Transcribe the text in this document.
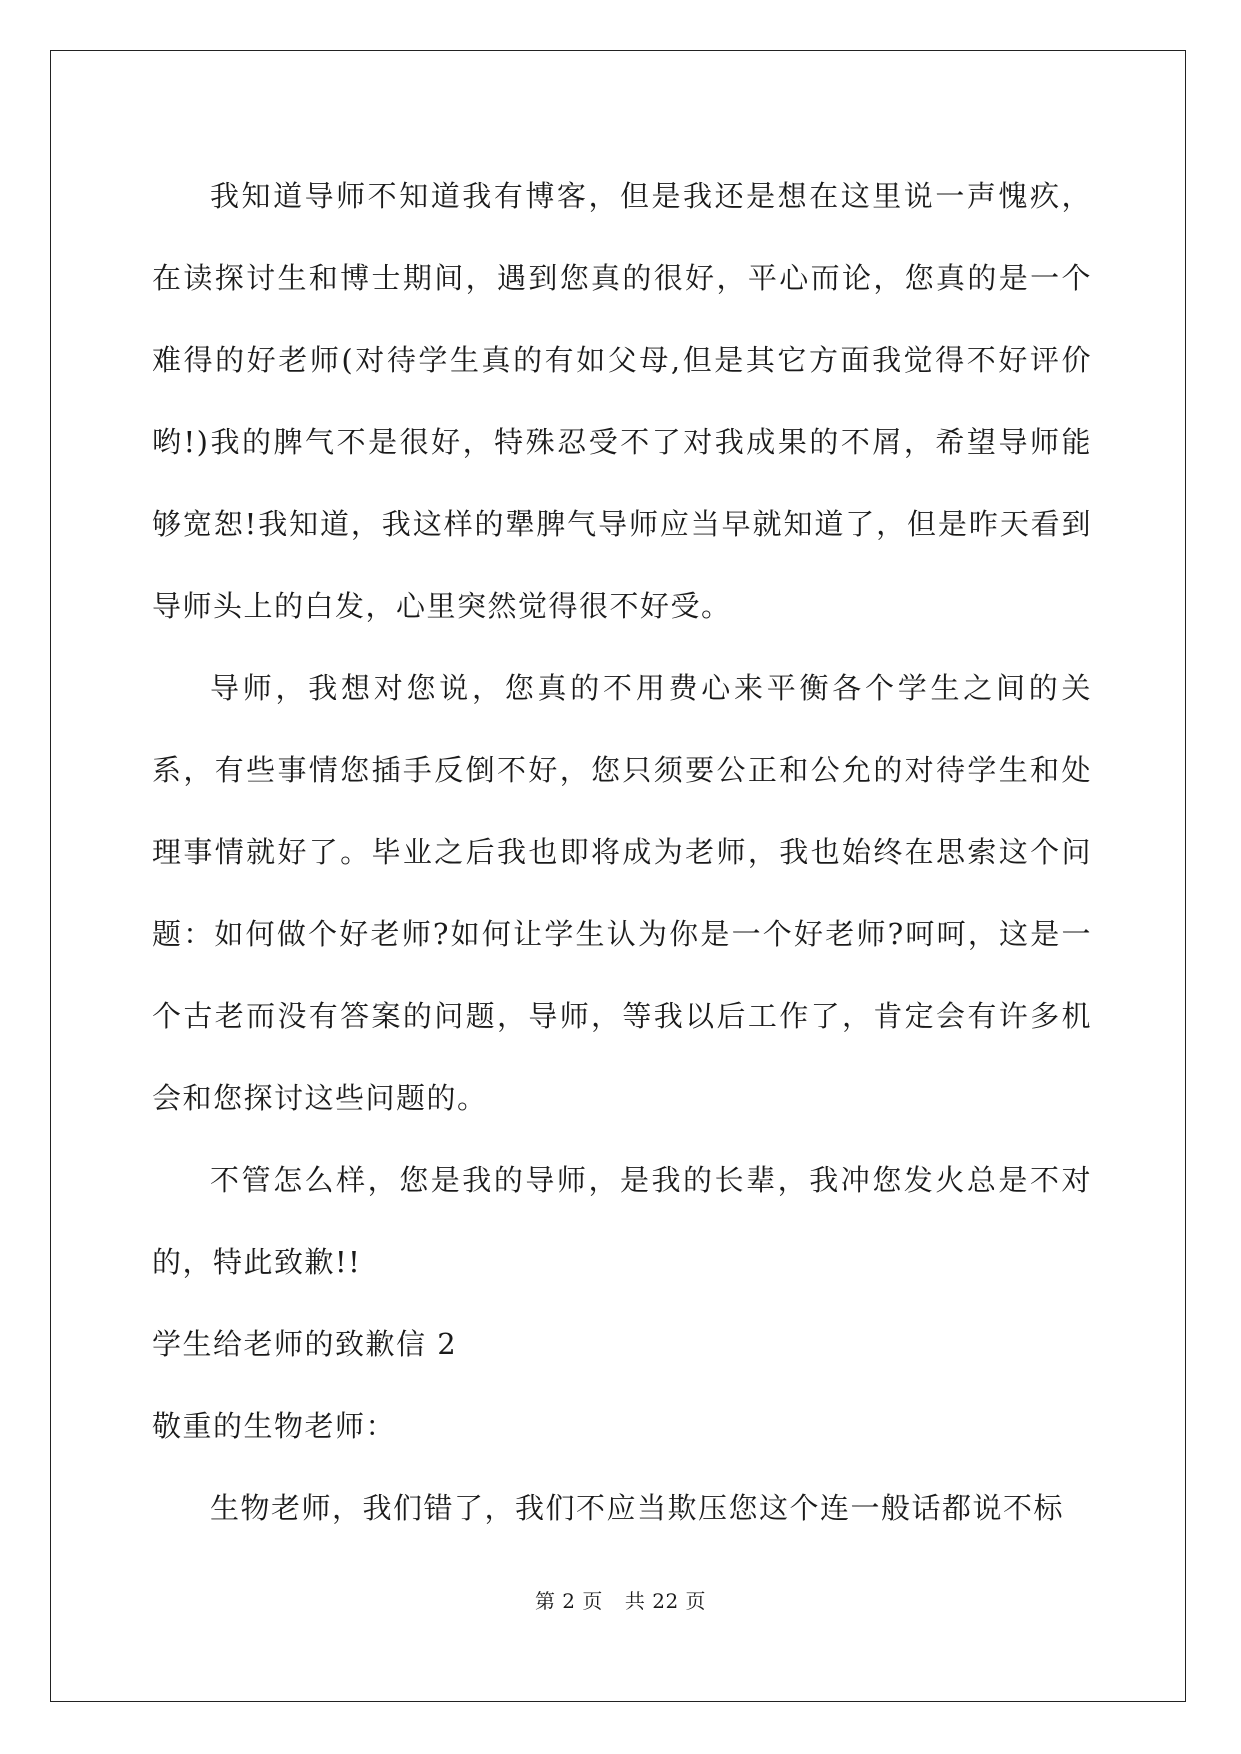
我知道导师不知道我有博客，但是我还是想在这里说一声愧疚，在读探讨生和博士期间，遇到您真的很好，平心而论，您真的是一个难得的好老师(对待学生真的有如父母,但是其它方面我觉得不好评价哟!)我的脾气不是很好，特殊忍受不了对我成果的不屑，希望导师能够宽恕!我知道，我这样的犟脾气导师应当早就知道了，但是昨天看到导师头上的白发，心里突然觉得很不好受。

导师，我想对您说，您真的不用费心来平衡各个学生之间的关系，有些事情您插手反倒不好，您只须要公正和公允的对待学生和处理事情就好了。毕业之后我也即将成为老师，我也始终在思索这个问题：如何做个好老师?如何让学生认为你是一个好老师?呵呵，这是一个古老而没有答案的问题，导师，等我以后工作了，肯定会有许多机会和您探讨这些问题的。

不管怎么样，您是我的导师，是我的长辈，我冲您发火总是不对的，特此致歉!!

学生给老师的致歉信 2

敬重的生物老师：

生物老师，我们错了，我们不应当欺压您这个连一般话都说不标

第 2 页 共 22 页
